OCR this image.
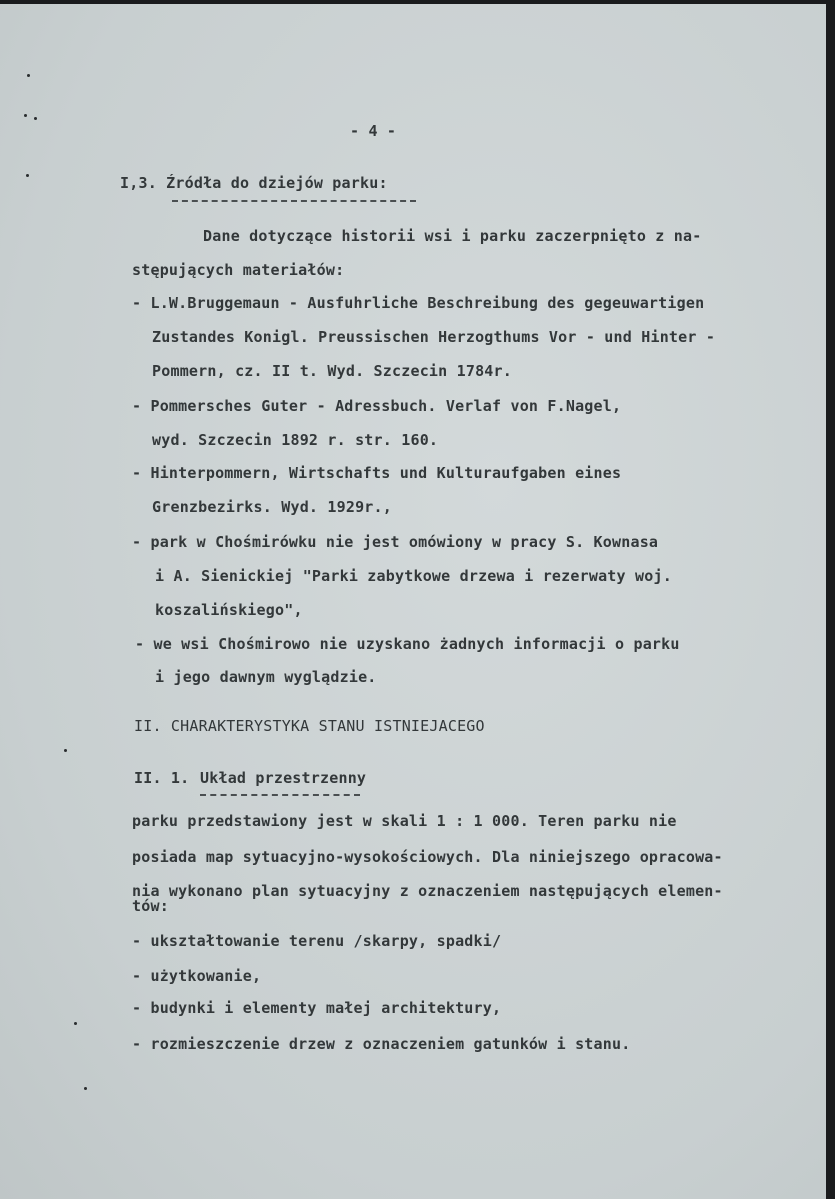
- 4 -

I,3. Źródła do dziejów parku:

Dane dotyczące historii wsi i parku zaczerpnięto z na-

stępujących materiałów:

- L.W.Bruggemaun - Ausfuhrliche Beschreibung des gegeuwartigen

Zustandes Konigl. Preussischen Herzogthums Vor - und Hinter -

Pommern, cz. II t. Wyd. Szczecin 1784r.

- Pommersches Guter - Adressbuch. Verlaf von F.Nagel,

wyd. Szczecin 1892 r. str. 160.

- Hinterpommern, Wirtschafts und Kulturaufgaben eines

Grenzbezirks. Wyd. 1929r.,

- park w Chośmirówku nie jest omówiony w pracy S. Kownasa

i A. Sienickiej "Parki zabytkowe drzewa i rezerwaty woj.

koszalińskiego",

- we wsi Chośmirowo nie uzyskano żadnych informacji o parku

i jego dawnym wyglądzie.

II. CHARAKTERYSTYKA STANU ISTNIEJACEGO

II. 1. Układ przestrzenny

parku przedstawiony jest w skali 1 : 1 000. Teren parku nie

posiada map sytuacyjno-wysokościowych. Dla niniejszego opracowa-

nia wykonano plan sytuacyjny z oznaczeniem następujących elemen-

tów:

- ukształtowanie terenu /skarpy, spadki/

- użytkowanie,

- budynki i elementy małej architektury,

- rozmieszczenie drzew z oznaczeniem gatunków i stanu.
